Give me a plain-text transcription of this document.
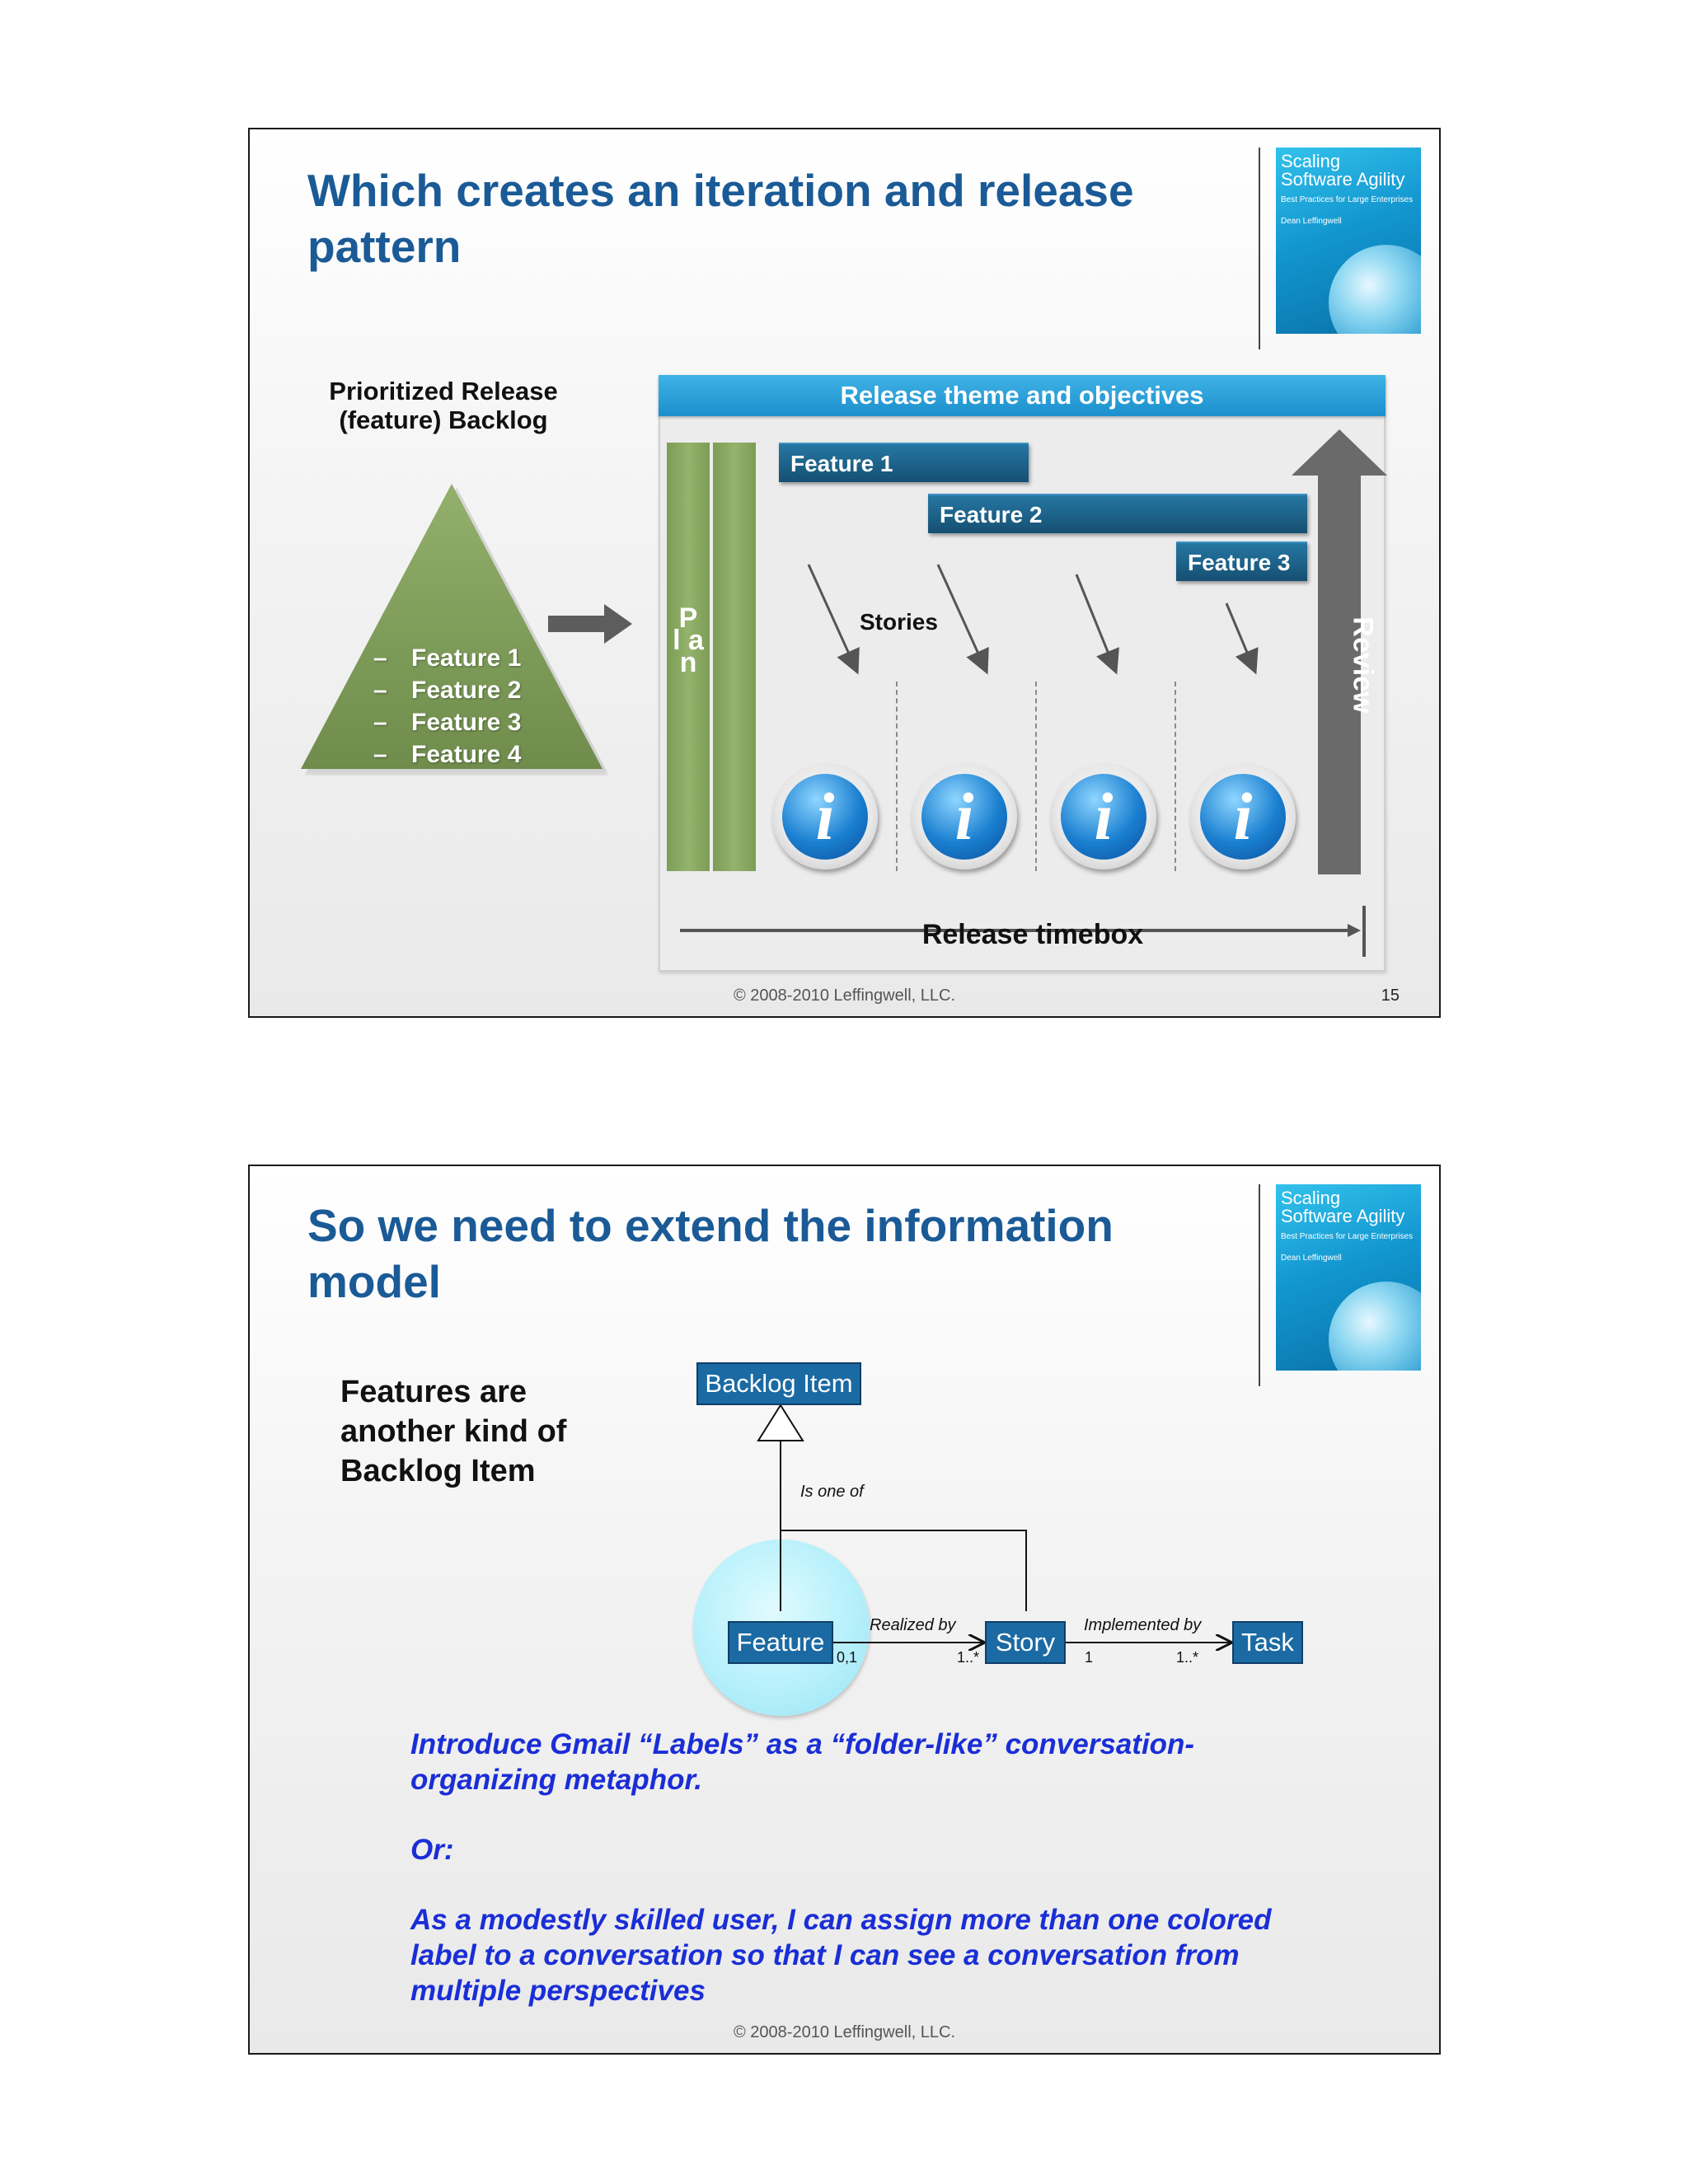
Which creates an iteration and release pattern
Scaling
Software Agility
Best Practices for Large Enterprises
Dean Leffingwell
Prioritized Release (feature) Backlog
– Feature 1
– Feature 2
– Feature 3
– Feature 4
Release theme and objectives
P l a n
Feature 1
Feature 2
Feature 3
Stories
i	i	i	i
Review
Release timebox
© 2008-2010 Leffingwell, LLC.	15
So we need to extend the information model
Scaling
Software Agility
Best Practices for Large Enterprises
Dean Leffingwell
Features are another kind of Backlog Item
Backlog Item
Is one of
Feature	Story	Task
Realized by	Implemented by
0,1	1..*	1	1..*

Introduce Gmail “Labels” as a “folder-like” conversation-organizing metaphor.

Or:

As a modestly skilled user, I can assign more than one colored label to a conversation so that I can see a conversation from multiple perspectives

© 2008-2010 Leffingwell, LLC.
